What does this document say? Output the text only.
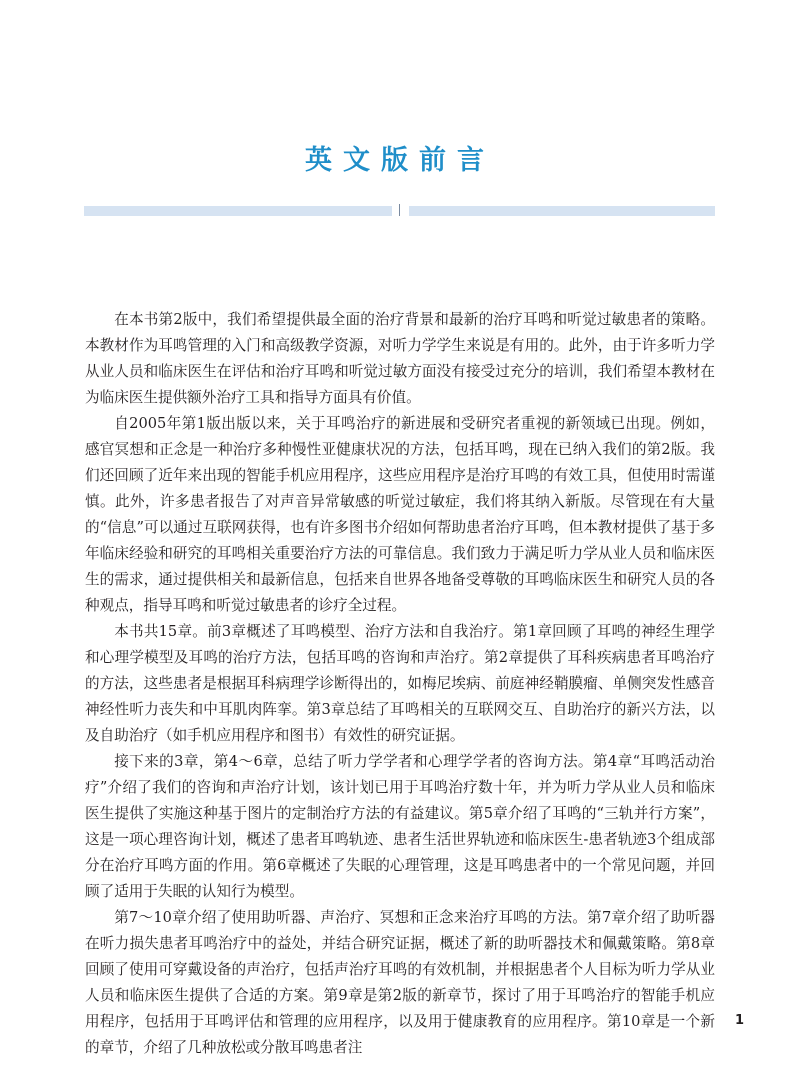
英文版前言

在本书第2版中，我们希望提供最全面的治疗背景和最新的治疗耳鸣和听觉过敏患者的策略。本教材作为耳鸣管理的入门和高级教学资源，对听力学学生来说是有用的。此外，由于许多听力学从业人员和临床医生在评估和治疗耳鸣和听觉过敏方面没有接受过充分的培训，我们希望本教材在为临床医生提供额外治疗工具和指导方面具有价值。

自2005年第1版出版以来，关于耳鸣治疗的新进展和受研究者重视的新领域已出现。例如，感官冥想和正念是一种治疗多种慢性亚健康状况的方法，包括耳鸣，现在已纳入我们的第2版。我们还回顾了近年来出现的智能手机应用程序，这些应用程序是治疗耳鸣的有效工具，但使用时需谨慎。此外，许多患者报告了对声音异常敏感的听觉过敏症，我们将其纳入新版。尽管现在有大量的“信息”可以通过互联网获得，也有许多图书介绍如何帮助患者治疗耳鸣，但本教材提供了基于多年临床经验和研究的耳鸣相关重要治疗方法的可靠信息。我们致力于满足听力学从业人员和临床医生的需求，通过提供相关和最新信息，包括来自世界各地备受尊敬的耳鸣临床医生和研究人员的各种观点，指导耳鸣和听觉过敏患者的诊疗全过程。

本书共15章。前3章概述了耳鸣模型、治疗方法和自我治疗。第1章回顾了耳鸣的神经生理学和心理学模型及耳鸣的治疗方法，包括耳鸣的咨询和声治疗。第2章提供了耳科疾病患者耳鸣治疗的方法，这些患者是根据耳科病理学诊断得出的，如梅尼埃病、前庭神经鞘膜瘤、单侧突发性感音神经性听力丧失和中耳肌肉阵挛。第3章总结了耳鸣相关的互联网交互、自助治疗的新兴方法，以及自助治疗（如手机应用程序和图书）有效性的研究证据。

接下来的3章，第4～6章，总结了听力学学者和心理学学者的咨询方法。第4章“耳鸣活动治疗”介绍了我们的咨询和声治疗计划，该计划已用于耳鸣治疗数十年，并为听力学从业人员和临床医生提供了实施这种基于图片的定制治疗方法的有益建议。第5章介绍了耳鸣的“三轨并行方案”，这是一项心理咨询计划，概述了患者耳鸣轨迹、患者生活世界轨迹和临床医生-患者轨迹3个组成部分在治疗耳鸣方面的作用。第6章概述了失眠的心理管理，这是耳鸣患者中的一个常见问题，并回顾了适用于失眠的认知行为模型。

第7～10章介绍了使用助听器、声治疗、冥想和正念来治疗耳鸣的方法。第7章介绍了助听器在听力损失患者耳鸣治疗中的益处，并结合研究证据，概述了新的助听器技术和佩戴策略。第8章回顾了使用可穿戴设备的声治疗，包括声治疗耳鸣的有效机制，并根据患者个人目标为听力学从业人员和临床医生提供了合适的方案。第9章是第2版的新章节，探讨了用于耳鸣治疗的智能手机应用程序，包括用于耳鸣评估和管理的应用程序，以及用于健康教育的应用程序。第10章是一个新的章节，介绍了几种放松或分散耳鸣患者注

1
